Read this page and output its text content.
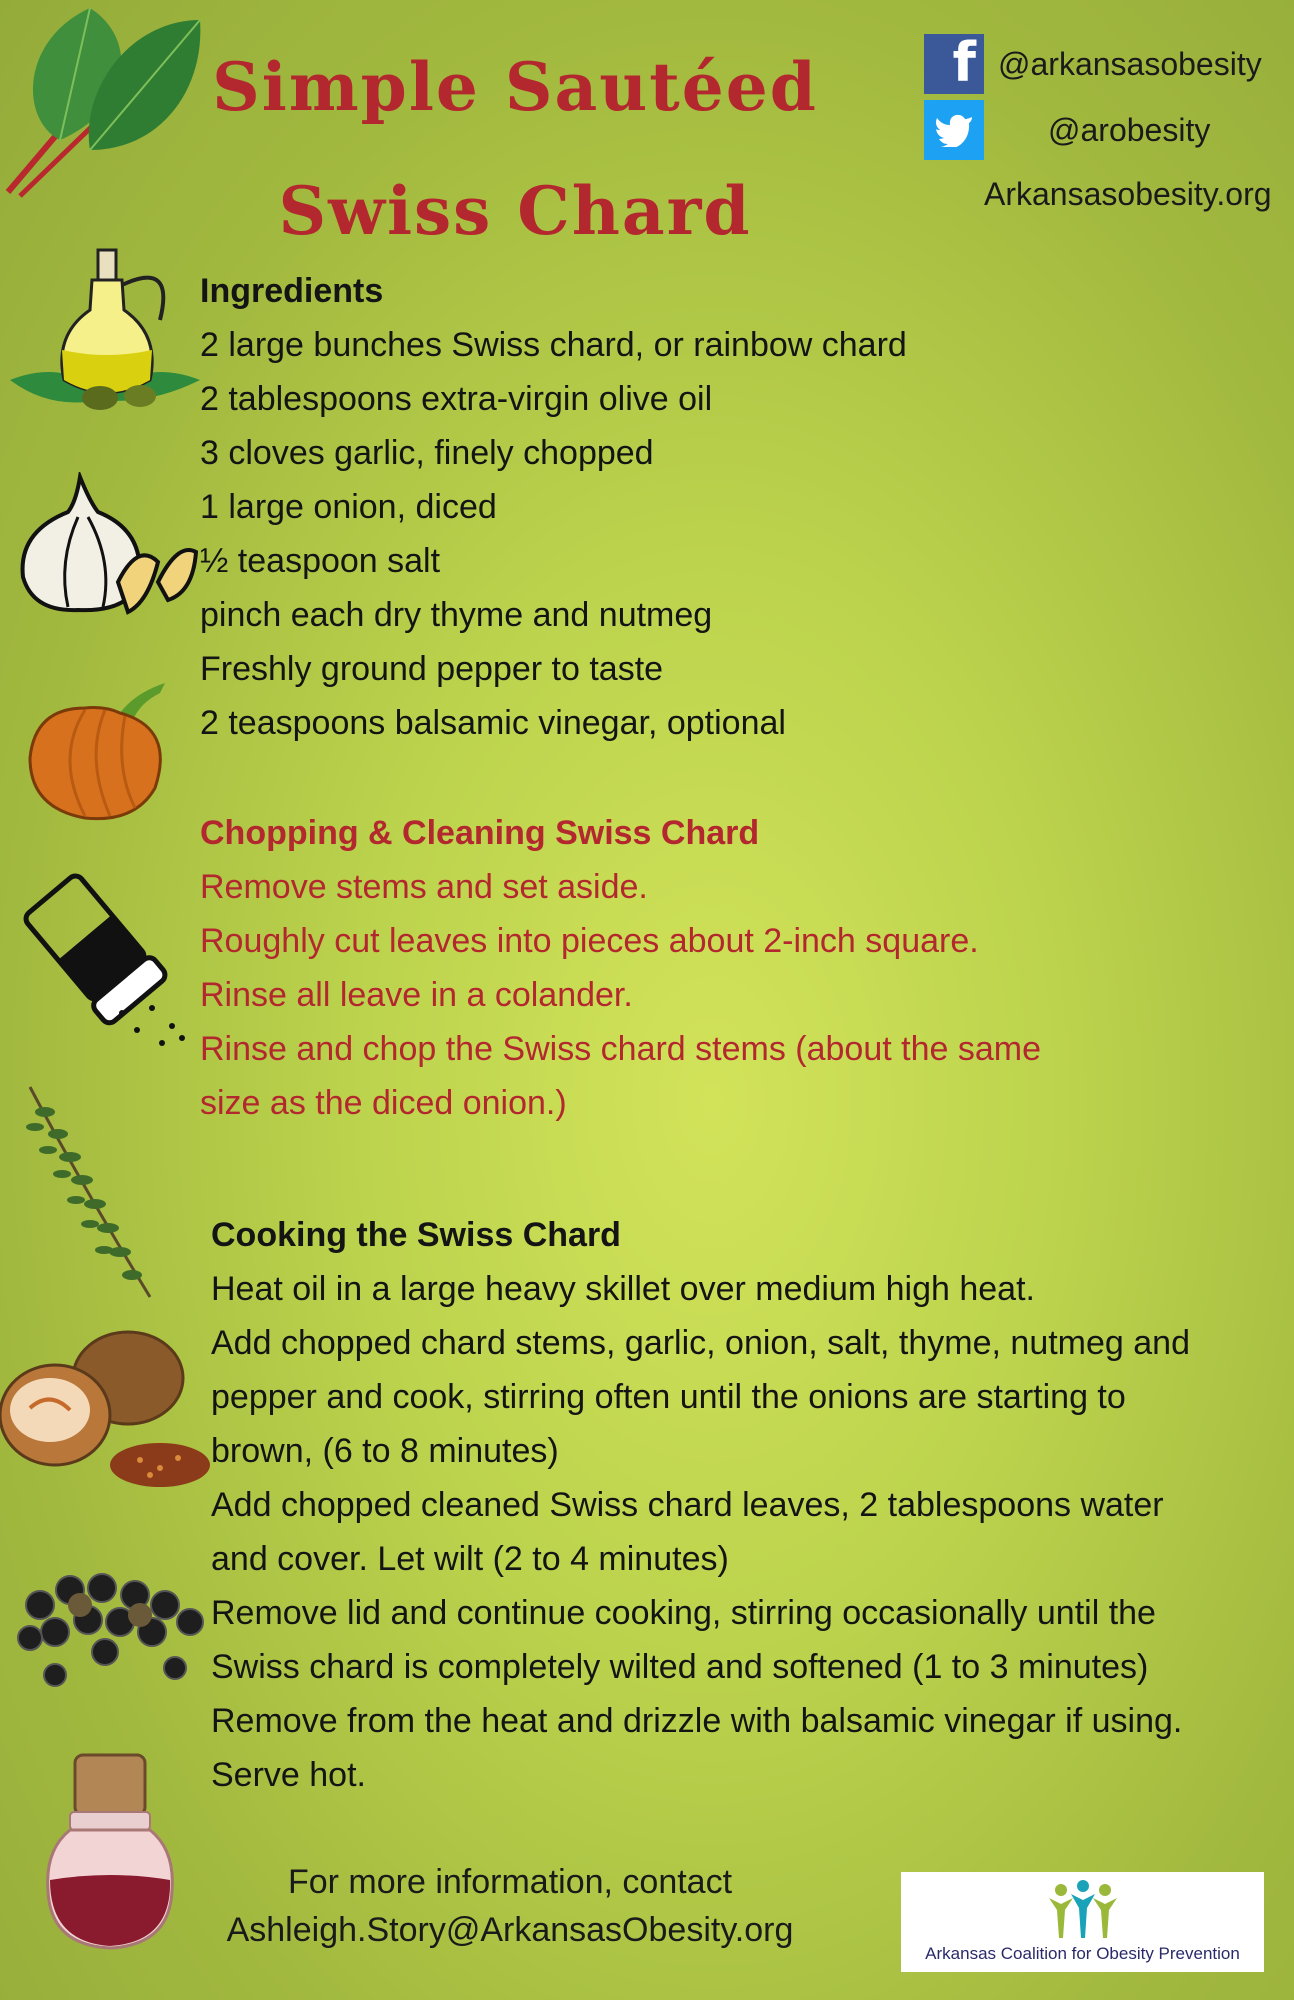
Simple Sautéed
Swiss Chard
f @arkansasobesity
@arobesity
Arkansasobesity.org
Ingredients
2 large bunches Swiss chard, or rainbow chard
2 tablespoons extra-virgin olive oil
3 cloves garlic, finely chopped
1 large onion, diced
½ teaspoon salt
pinch each dry thyme and nutmeg
Freshly ground pepper to taste
2 teaspoons balsamic vinegar, optional
Chopping & Cleaning Swiss Chard
Remove stems and set aside.
Roughly cut leaves into pieces about 2-inch square.
Rinse all leave in a colander.
Rinse and chop the Swiss chard stems (about the same
size as the diced onion.)
Cooking the Swiss Chard
Heat oil in a large heavy skillet over medium high heat.
Add chopped chard stems, garlic, onion, salt, thyme, nutmeg and
pepper and cook, stirring often until the onions are starting to
brown, (6 to 8 minutes)
Add chopped cleaned Swiss chard leaves, 2 tablespoons water
and cover. Let wilt (2 to 4 minutes)
Remove lid and continue cooking, stirring occasionally until the
Swiss chard is completely wilted and softened (1 to 3 minutes)
Remove from the heat and drizzle with balsamic vinegar if using.
Serve hot.
For more information, contact
Ashleigh.Story@ArkansasObesity.org
Arkansas Coalition for Obesity Prevention
